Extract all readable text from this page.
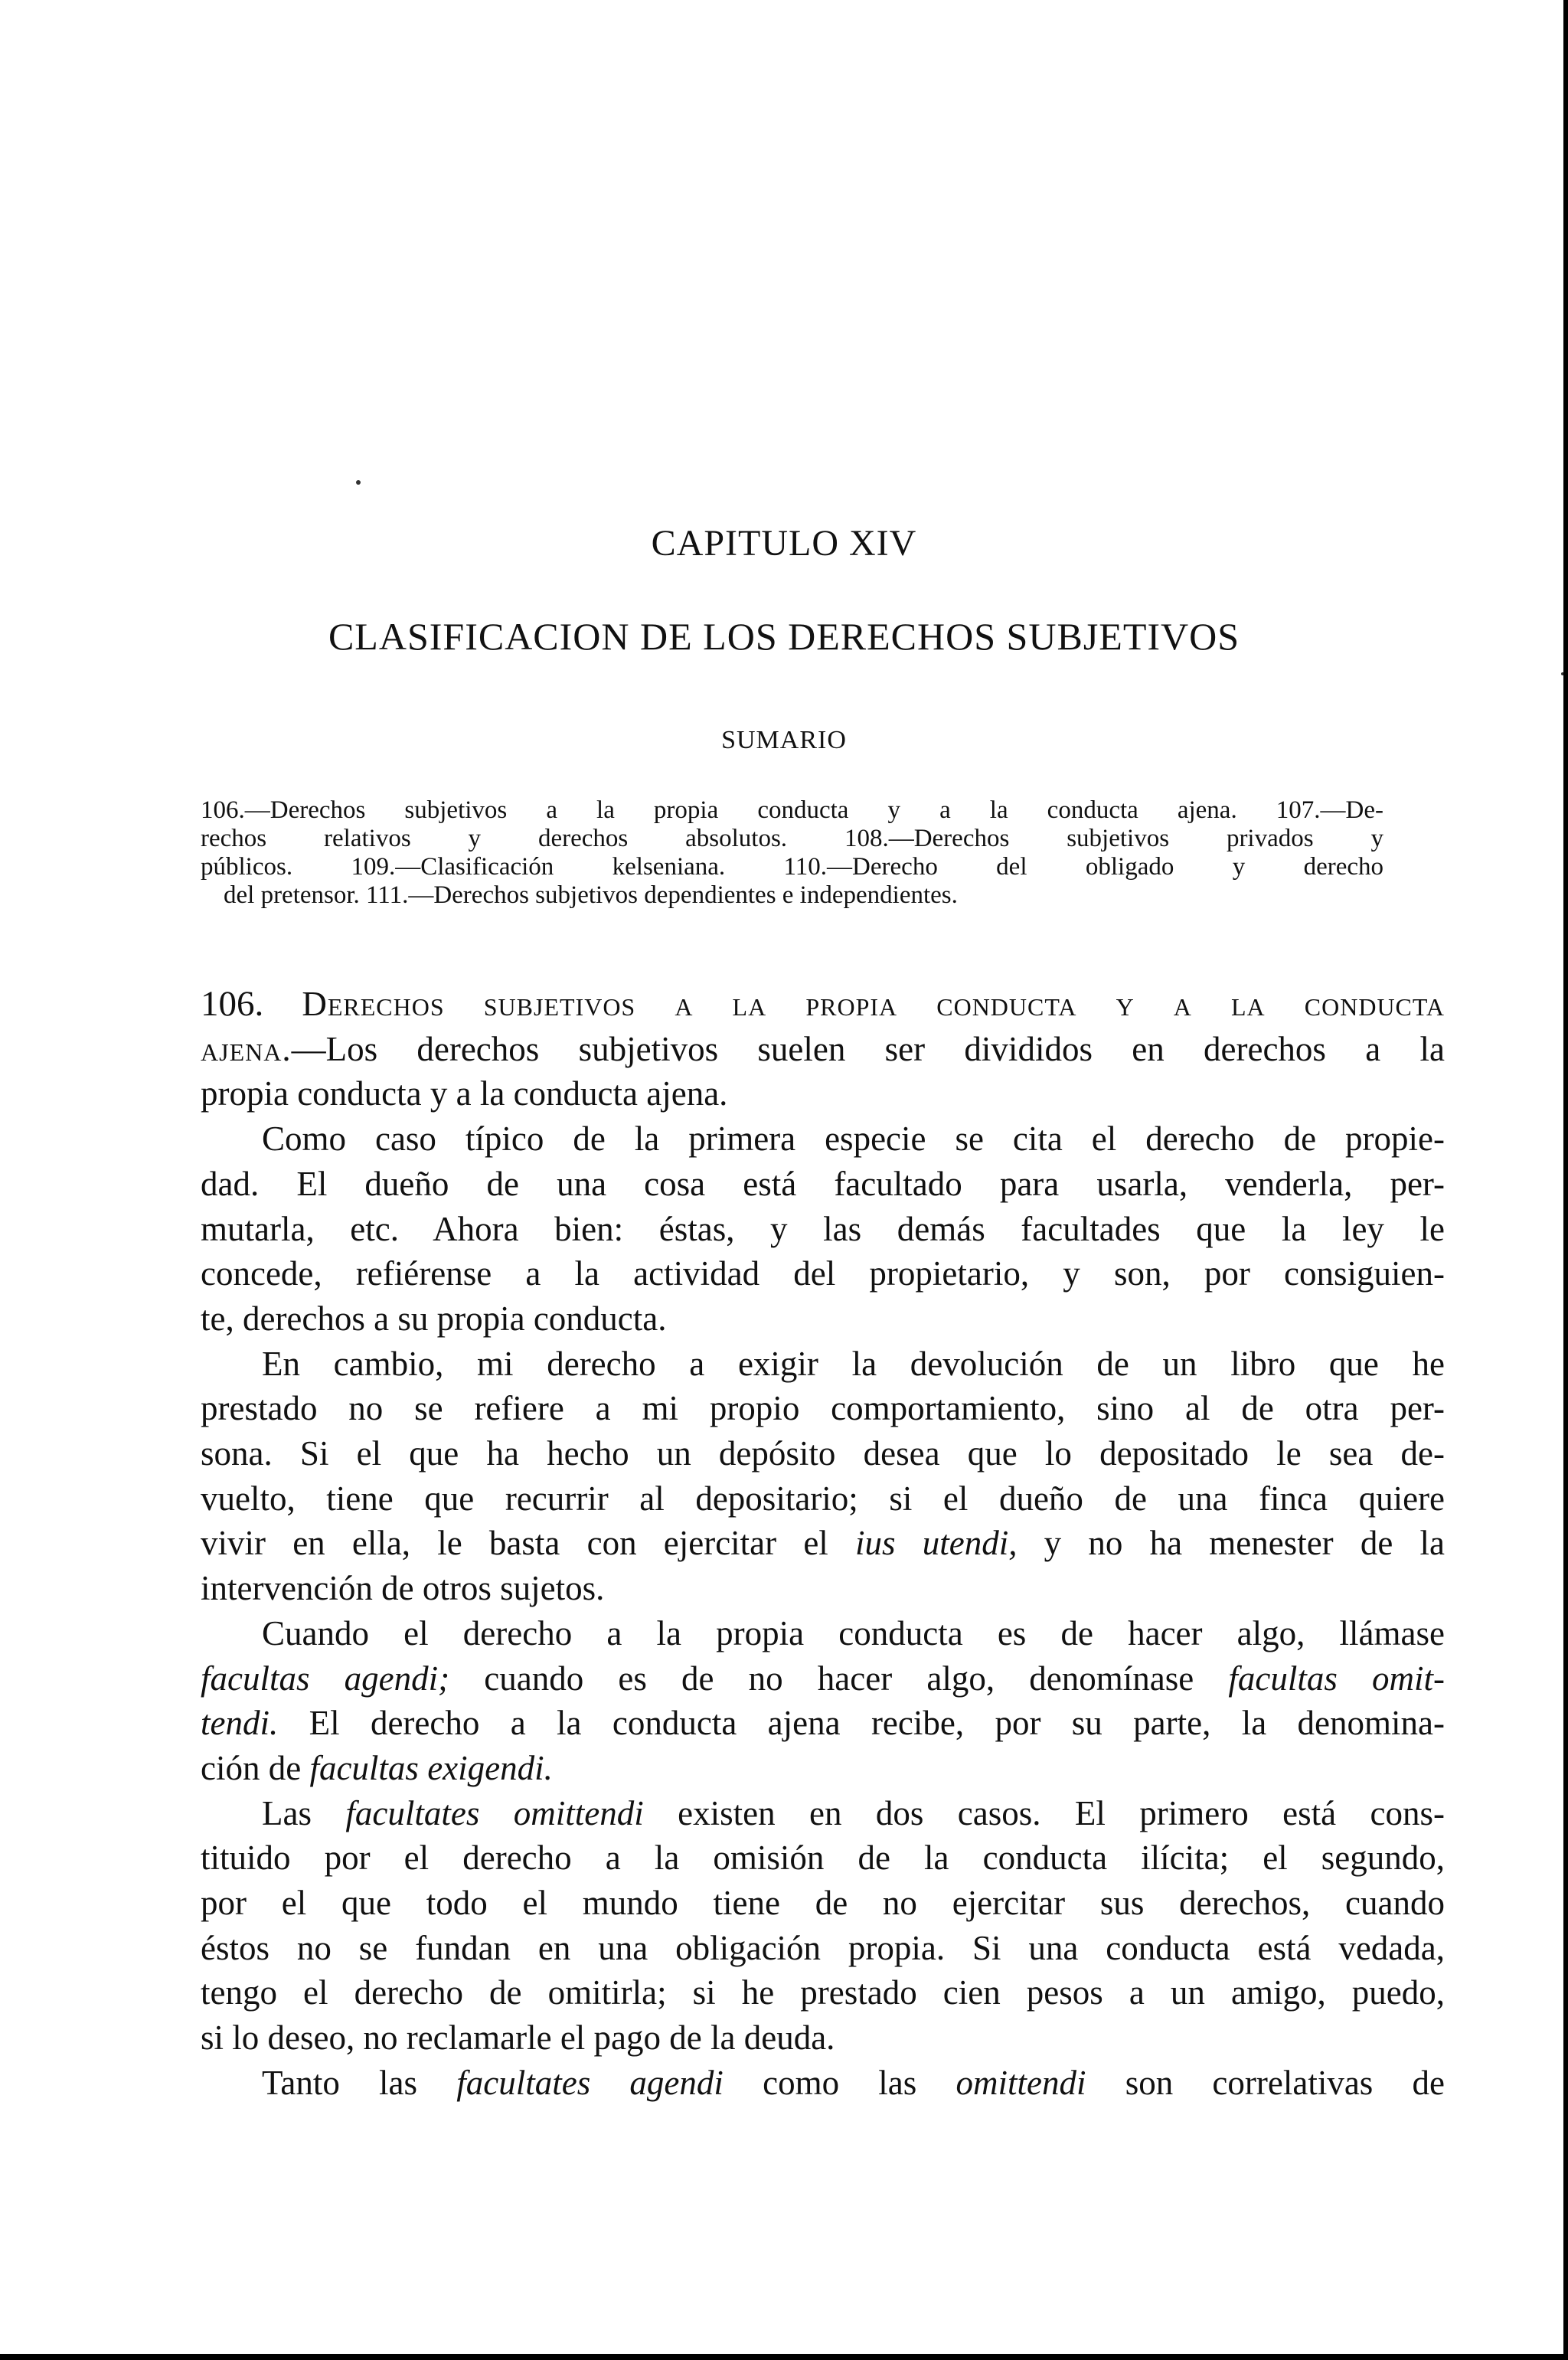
CAPITULO XIV
CLASIFICACION DE LOS DERECHOS SUBJETIVOS
SUMARIO
106.—Derechos subjetivos a la propia conducta y a la conducta ajena. 107.—De-
rechos relativos y derechos absolutos. 108.—Derechos subjetivos privados y
públicos. 109.—Clasificación kelseniana. 110.—Derecho del obligado y derecho
del pretensor. 111.—Derechos subjetivos dependientes e independientes.
106. Derechos subjetivos a la propia conducta y a la conducta
ajena.—Los derechos subjetivos suelen ser divididos en derechos a la
propia conducta y a la conducta ajena.
Como caso típico de la primera especie se cita el derecho de propie-
dad. El dueño de una cosa está facultado para usarla, venderla, per-
mutarla, etc. Ahora bien: éstas, y las demás facultades que la ley le
concede, refiérense a la actividad del propietario, y son, por consiguien-
te, derechos a su propia conducta.
En cambio, mi derecho a exigir la devolución de un libro que he
prestado no se refiere a mi propio comportamiento, sino al de otra per-
sona. Si el que ha hecho un depósito desea que lo depositado le sea de-
vuelto, tiene que recurrir al depositario; si el dueño de una finca quiere
vivir en ella, le basta con ejercitar el ius utendi, y no ha menester de la
intervención de otros sujetos.
Cuando el derecho a la propia conducta es de hacer algo, llámase
facultas agendi; cuando es de no hacer algo, denomínase facultas omit-
tendi. El derecho a la conducta ajena recibe, por su parte, la denomina-
ción de facultas exigendi.
Las facultates omittendi existen en dos casos. El primero está cons-
tituido por el derecho a la omisión de la conducta ilícita; el segundo,
por el que todo el mundo tiene de no ejercitar sus derechos, cuando
éstos no se fundan en una obligación propia. Si una conducta está vedada,
tengo el derecho de omitirla; si he prestado cien pesos a un amigo, puedo,
si lo deseo, no reclamarle el pago de la deuda.
Tanto las facultates agendi como las omittendi son correlativas de
